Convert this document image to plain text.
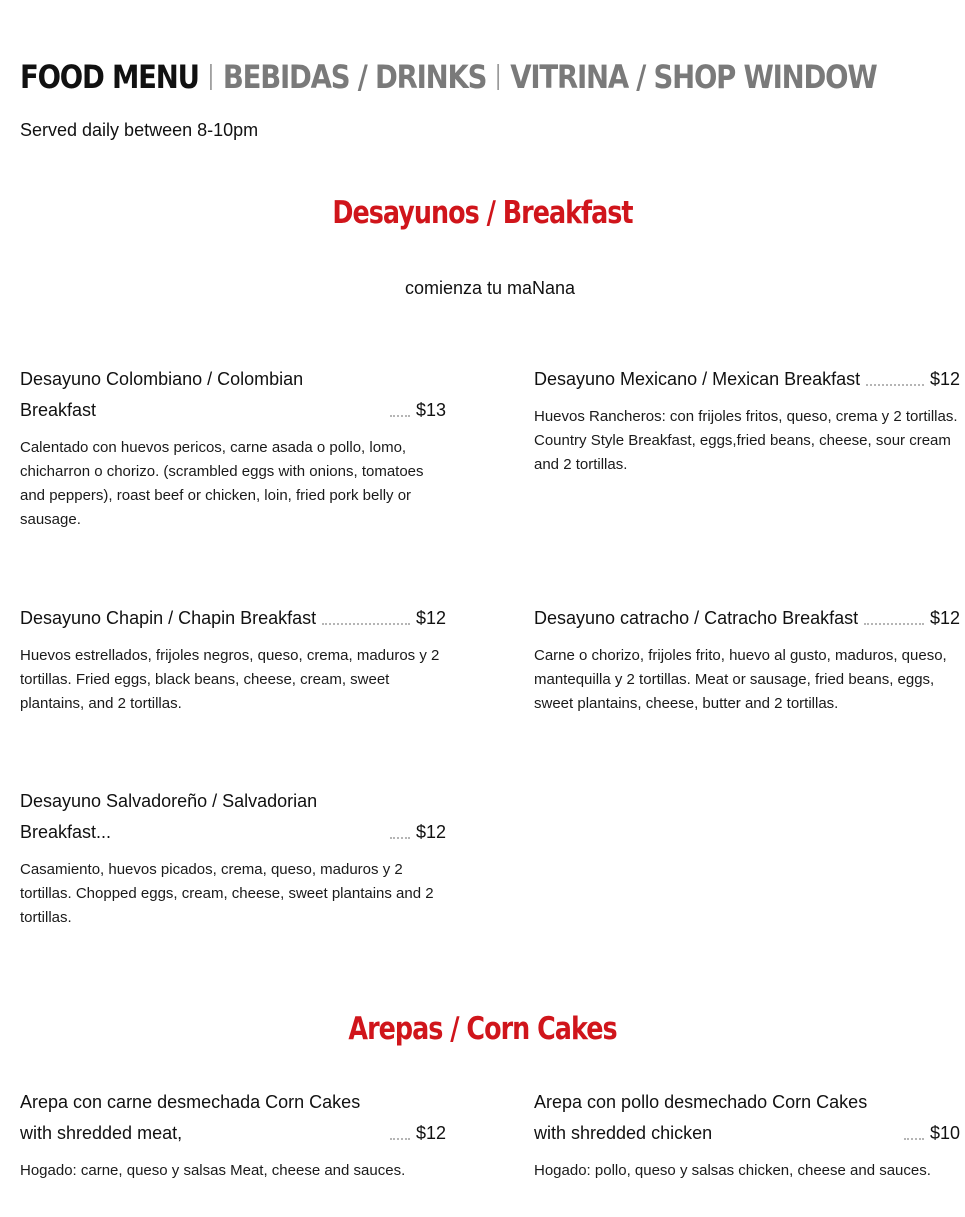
FOOD MENU BEBIDAS / DRINKS VITRINA / SHOP WINDOW
Served daily between 8-10pm
Desayunos / Breakfast
comienza tu maNana
Desayuno Colombiano / Colombian Breakfast	$13
Calentado con huevos pericos, carne asada o pollo, lomo, chicharron o chorizo. (scrambled eggs with onions, tomatoes and peppers), roast beef or chicken, loin, fried pork belly or sausage.
Desayuno Mexicano / Mexican Breakfast	$12
Huevos Rancheros: con frijoles fritos, queso, crema y 2 tortillas. Country Style Breakfast, eggs,fried beans, cheese, sour cream and 2 tortillas.
Desayuno Chapin / Chapin Breakfast	$12
Huevos estrellados, frijoles negros, queso, crema, maduros y 2 tortillas. Fried eggs, black beans, cheese, cream, sweet plantains, and 2 tortillas.
Desayuno catracho / Catracho Breakfast	$12
Carne o chorizo, frijoles frito, huevo al gusto, maduros, queso, mantequilla y 2 tortillas. Meat or sausage, fried beans, eggs, sweet plantains, cheese, butter and 2 tortillas.
Desayuno Salvadoreño / Salvadorian Breakfast...	$12
Casamiento, huevos picados, crema, queso, maduros y 2 tortillas. Chopped eggs, cream, cheese, sweet plantains and 2 tortillas.
Arepas / Corn Cakes
Arepa con carne desmechada Corn Cakes with shredded meat,	$12
Hogado: carne, queso y salsas Meat, cheese and sauces.
Arepa con pollo desmechado Corn Cakes with shredded chicken	$10
Hogado: pollo, queso y salsas chicken, cheese and sauces.
